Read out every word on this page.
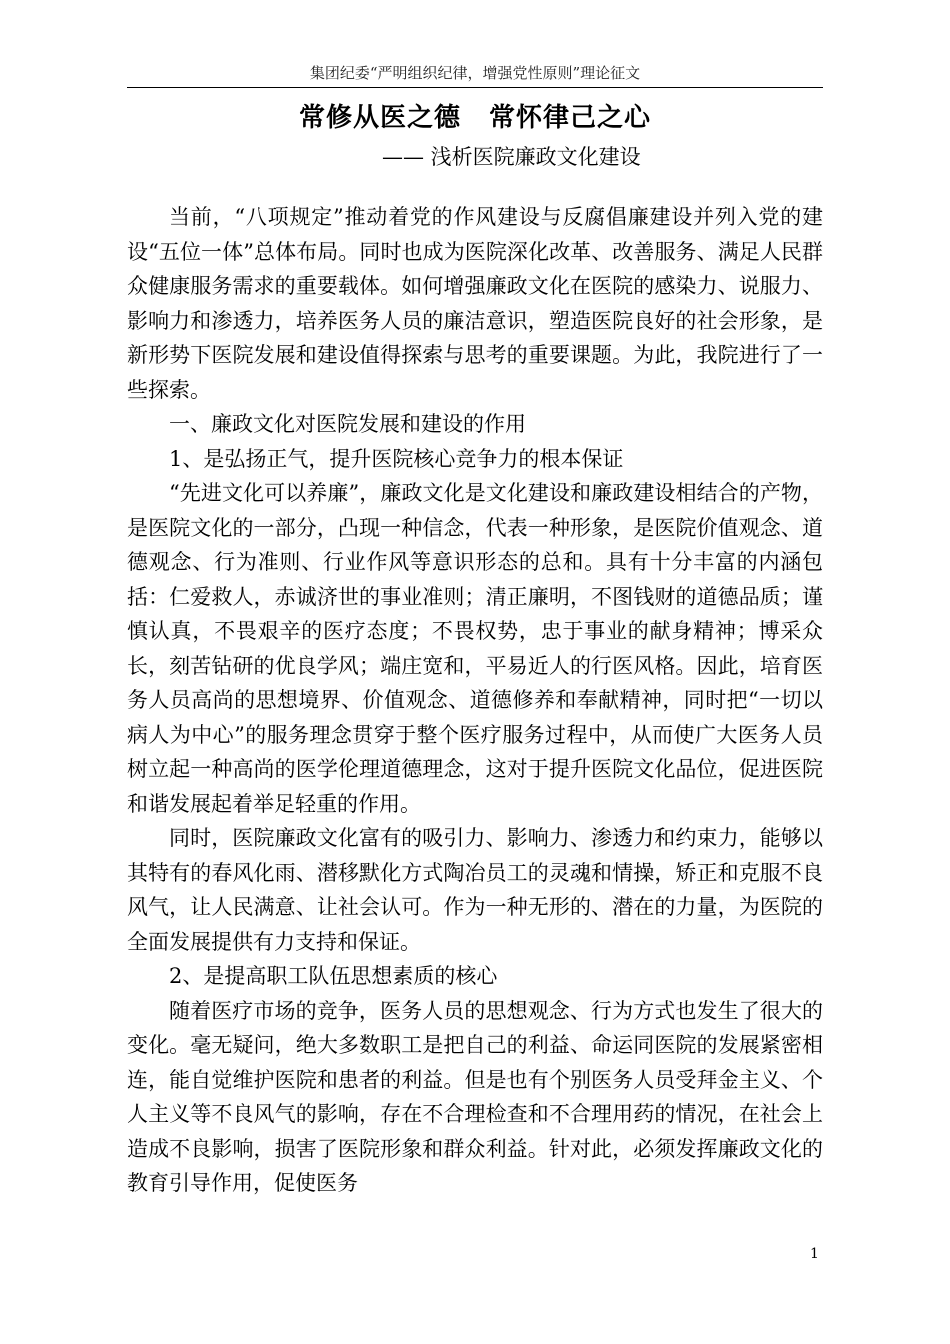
集团纪委“严明组织纪律，增强党性原则”理论征文
常修从医之德 常怀律己之心
—— 浅析医院廉政文化建设

当前，“八项规定”推动着党的作风建设与反腐倡廉建设并列入党的建设“五位一体”总体布局。同时也成为医院深化改革、改善服务、满足人民群众健康服务需求的重要载体。如何增强廉政文化在医院的感染力、说服力、影响力和渗透力，培养医务人员的廉洁意识，塑造医院良好的社会形象，是新形势下医院发展和建设值得探索与思考的重要课题。为此，我院进行了一些探索。

一、廉政文化对医院发展和建设的作用

1、是弘扬正气，提升医院核心竞争力的根本保证

“先进文化可以养廉”，廉政文化是文化建设和廉政建设相结合的产物，是医院文化的一部分，凸现一种信念，代表一种形象，是医院价值观念、道德观念、行为准则、行业作风等意识形态的总和。具有十分丰富的内涵包括：仁爱救人，赤诚济世的事业准则；清正廉明，不图钱财的道德品质；谨慎认真，不畏艰辛的医疗态度；不畏权势，忠于事业的献身精神；博采众长，刻苦钻研的优良学风；端庄宽和，平易近人的行医风格。因此，培育医务人员高尚的思想境界、价值观念、道德修养和奉献精神，同时把“一切以病人为中心”的服务理念贯穿于整个医疗服务过程中，从而使广大医务人员树立起一种高尚的医学伦理道德理念，这对于提升医院文化品位，促进医院和谐发展起着举足轻重的作用。

同时，医院廉政文化富有的吸引力、影响力、渗透力和约束力，能够以其特有的春风化雨、潜移默化方式陶冶员工的灵魂和情操，矫正和克服不良风气，让人民满意、让社会认可。作为一种无形的、潜在的力量，为医院的全面发展提供有力支持和保证。

2、是提高职工队伍思想素质的核心

随着医疗市场的竞争，医务人员的思想观念、行为方式也发生了很大的变化。毫无疑问，绝大多数职工是把自己的利益、命运同医院的发展紧密相连，能自觉维护医院和患者的利益。但是也有个别医务人员受拜金主义、个人主义等不良风气的影响，存在不合理检查和不合理用药的情况，在社会上造成不良影响，损害了医院形象和群众利益。针对此，必须发挥廉政文化的教育引导作用，促使医务

1
